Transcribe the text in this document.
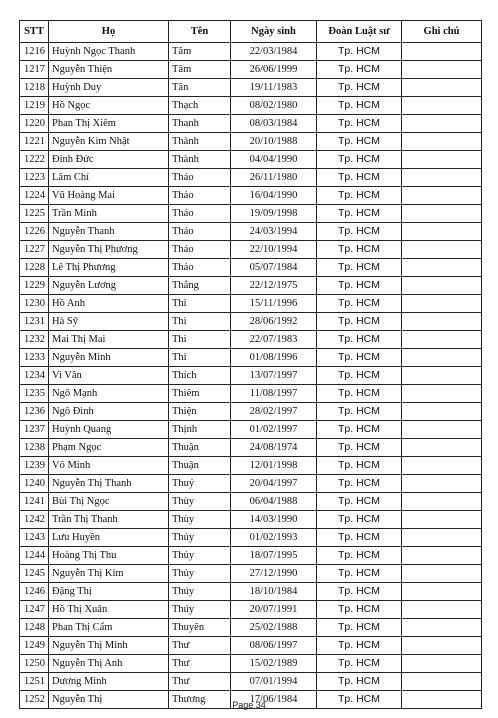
STT	Họ	Tên	Ngày sinh	Đoàn Luật sư	Ghi chú
1216	Huỳnh Ngọc Thanh	Tâm	22/03/1984	Tp. HCM	
1217	Nguyễn Thiện	Tâm	26/06/1999	Tp. HCM	
1218	Huỳnh Duy	Tân	19/11/1983	Tp. HCM	
1219	Hồ Ngọc	Thạch	08/02/1980	Tp. HCM	
1220	Phan Thị Xiêm	Thanh	08/03/1984	Tp. HCM	
1221	Nguyễn Kim Nhật	Thành	20/10/1988	Tp. HCM	
1222	Đinh Đức	Thành	04/04/1990	Tp. HCM	
1223	Lâm Chí	Thảo	26/11/1980	Tp. HCM	
1224	Vũ Hoàng Mai	Thảo	16/04/1990	Tp. HCM	
1225	Trần Minh	Thảo	19/09/1998	Tp. HCM	
1226	Nguyễn Thanh	Thảo	24/03/1994	Tp. HCM	
1227	Nguyễn Thị Phương	Thảo	22/10/1994	Tp. HCM	
1228	Lê Thị Phương	Thảo	05/07/1984	Tp. HCM	
1229	Nguyễn Lương	Thắng	22/12/1975	Tp. HCM	
1230	Hồ Anh	Thi	15/11/1996	Tp. HCM	
1231	Hà Sỹ	Thi	28/06/1992	Tp. HCM	
1232	Mai Thị Mai	Thi	22/07/1983	Tp. HCM	
1233	Nguyễn Minh	Thi	01/08/1996	Tp. HCM	
1234	Vi Văn	Thích	13/07/1997	Tp. HCM	
1235	Ngô Mạnh	Thiêm	11/08/1997	Tp. HCM	
1236	Ngô Đình	Thiện	28/02/1997	Tp. HCM	
1237	Huỳnh Quang	Thịnh	01/02/1997	Tp. HCM	
1238	Phạm Ngọc	Thuận	24/08/1974	Tp. HCM	
1239	Võ Minh	Thuận	12/01/1998	Tp. HCM	
1240	Nguyễn Thị Thanh	Thuý	20/04/1997	Tp. HCM	
1241	Bùi Thị Ngọc	Thùy	06/04/1988	Tp. HCM	
1242	Trần Thị Thanh	Thùy	14/03/1990	Tp. HCM	
1243	Lưu Huyền	Thủy	01/02/1993	Tp. HCM	
1244	Hoàng Thị Thu	Thủy	18/07/1995	Tp. HCM	
1245	Nguyễn Thị Kim	Thủy	27/12/1990	Tp. HCM	
1246	Đặng Thị	Thúy	18/10/1984	Tp. HCM	
1247	Hồ Thị Xuân	Thúy	20/07/1991	Tp. HCM	
1248	Phan Thị Cẩm	Thuyên	25/02/1988	Tp. HCM	
1249	Nguyễn Thị Minh	Thư	08/06/1997	Tp. HCM	
1250	Nguyễn Thị Anh	Thư	15/02/1989	Tp. HCM	
1251	Dương Minh	Thư	07/01/1994	Tp. HCM	
1252	Nguyễn Thị	Thương	17/06/1984	Tp. HCM	
Page 34
